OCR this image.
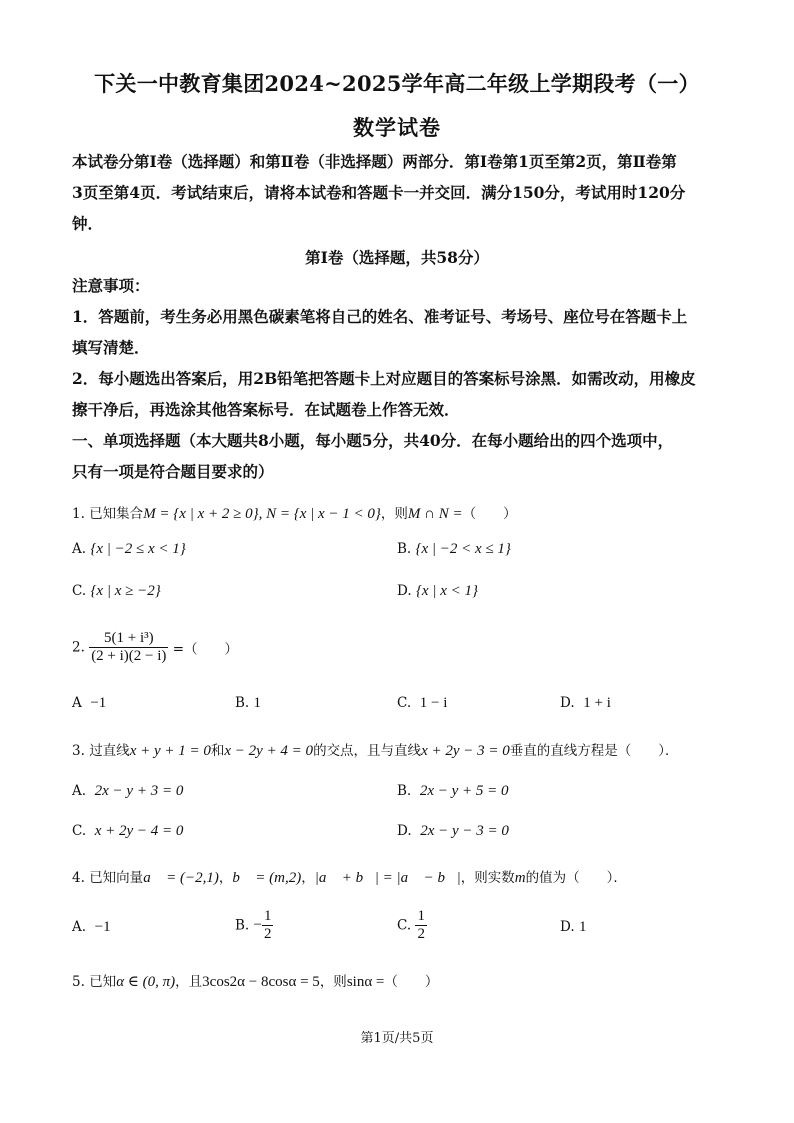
下关一中教育集团2024~2025学年高二年级上学期段考（一）
数学试卷
本试卷分第Ⅰ卷（选择题）和第Ⅱ卷（非选择题）两部分．第Ⅰ卷第1页至第2页，第Ⅱ卷第
3页至第4页．考试结束后，请将本试卷和答题卡一并交回．满分150分，考试用时120分
钟．
第Ⅰ卷（选择题，共58分）
注意事项：
1．答题前，考生务必用黑色碳素笔将自己的姓名、准考证号、考场号、座位号在答题卡上
填写清楚．
2．每小题选出答案后，用2B铅笔把答题卡上对应题目的答案标号涂黑．如需改动，用橡皮
擦干净后，再选涂其他答案标号．在试题卷上作答无效．
一、单项选择题（本大题共8小题，每小题5分，共40分．在每小题给出的四个选项中，
只有一项是符合题目要求的）
1. 已知集合M = {x | x + 2 ≥ 0}, N = {x | x − 1 < 0}，则M ∩ N =（　　）
A. {x | −2 ≤ x < 1}	B. {x | −2 < x ≤ 1}
C. {x | x ≥ −2}	D. {x | x < 1}
2. $\frac{\text{5(1 + i³)}}{(2 + i)(2 - i)}$ =（　　）
A −1	B. 1	C. 1 − i	D. 1 + i
3. 过直线x + y + 1 = 0和x − 2y + 4 = 0的交点，且与直线x + 2y − 3 = 0垂直的直线方程是（　　）．
A. 2x − y + 3 = 0	B. 2x − y + 5 = 0
C. x + 2y − 4 = 0	D. 2x − y − 3 = 0
4. 已知向量a⃗ = (−2,1)，b⃗ = (m,2)，|a⃗ + b⃗| = |a⃗ − b⃗|，则实数m的值为（　　）．
A. −1	B. − $\frac{1}{2}$	C. $\frac{1}{2}$	D. 1
5. 已知α ∈ (0, π)，且3cos2α − 8cosα = 5，则sinα =（　　）
第1页/共5页
